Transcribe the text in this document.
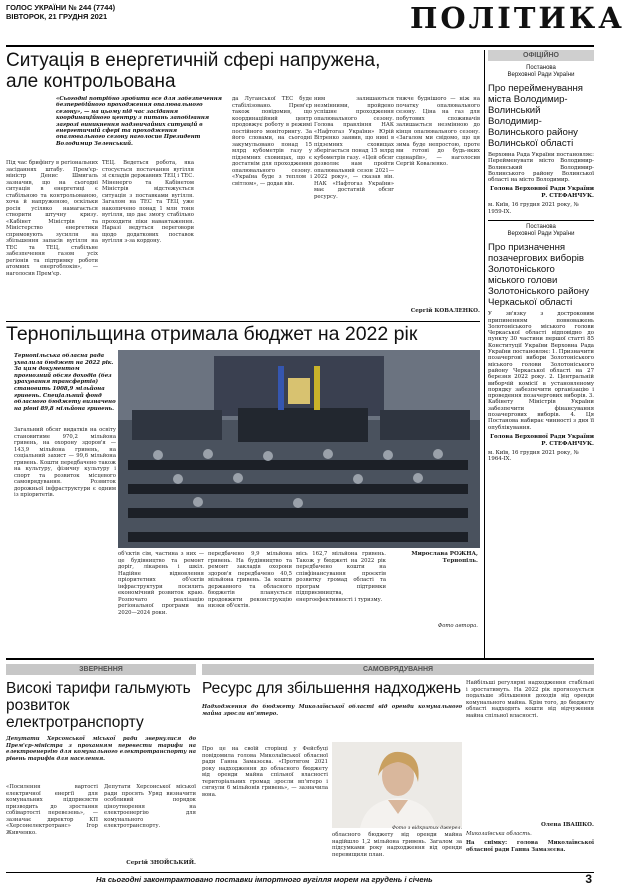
ГОЛОС УКРАЇНИ № 244 (7744)
ВІВТОРОК, 21 ГРУДНЯ 2021	ПОЛІТИКА
Ситуація в енергетичній сфері напружена,
але контрольована
«Сьогодні потрібно зробити все для забезпечення безперебійного проходження опалювального сезону», — на цьому під час засідання координаційного центру з питань запобігання загрозі виникнення надзвичайних ситуацій в енергетичній сфері та проходження опалювального сезону наголосив Президент Володимир Зеленський.
Під час брифінгу в регіональних засіданнях штабу. Прем'єр-міністр Денис Шмигаль зазначив, що на сьогодні ситуація в енергетиці є стабільною та контрольованою, хоча й напруженою, оскільки росія усіляко намагається створити штучну кризу. «Кабінет Міністрів та Міністерство енергетики спрямовують зусилля на збільшення запасів вугілля на ТЕС та ТЕЦ, стабільне забезпечення газом усіх регіонів та підтримку роботи атомних енергоблоків», — наголосив Прем'єр.
ТЕЦ. Ведеться робота, яка стосується постачання вугілля зі складів державних ТЕЦ і ТЕС. Міненерго та Кабінетом Міністрів відстежується ситуація з поставками вугілля. Загалом на ТЕС та ТЕЦ уже накопичено понад 1 млн тонн вугілля, що дає змогу стабільно проходити піки навантаження. Наразі ведуться переговори щодо додаткових поставок вугілля з-за кордону.
да Луганської ТЕС буде стабілізовано. Прем'єр також повідомив, що координаційний центр продовжує роботу в режимі постійного моніторингу. За його словами, на сьогодні закумульовано понад 15 млрд кубометрів газу у підземних сховищах, що є достатнім для проходження опалювального сезону. «Україна буде з теплом і світлом», — додав він.
ним залишаються незмінними, пройдено успішне проходження опалювального сезону. Голова правління НАК «Нафтогаз України» Юрій Вітренко заявив, що нині в підземних сховищах зберігається понад 15 млрд кубометрів газу. «Цей обсяг дозволяє нам пройти опалювальний сезон 2021—2022 року», — сказав він. НАК «Нафтогаз України» має достатній обсяг ресурсу.
тяжче буднішого — ніж на початку опалювального сезону. Ціна на газ для побутових споживачів залишається незмінною до кінця опалювального сезону. «Загалом ми свідомо, що ця зима буде непростою, проте ми готові до будь-яких сценаріїв», — наголосив Сергій Коваленко.
Сергій КОВАЛЕНКО.
Тернопільщина отримала бюджет на 2022 рік
Тернопільська обласна рада ухвалила бюджет на 2022 рік. За цим документом прогнозний обсяг доходів (без урахування трансфертів) становить 1008,9 мільйона гривень. Спеціальний фонд обласного бюджету визначено на рівні 89,8 мільйона гривень.
Загальний обсяг видатків на освіту становитиме 970,2 мільйона гривень, на охорону здоров'я — 143,9 мільйона гривень, на соціальний захист — 99,6 мільйона гривень. Кошти передбачено також на культуру, фізичну культуру і спорт та розвиток місцевого самоврядування. Розвиток дорожньої інфраструктури є одним із пріоритетів.
об'єктів сім, частина з них — це будівництво та ремонт доріг, лікарень і шкіл. Надійне відновлення пріоритетних об'єктів інфраструктури посилить економічний розвиток краю. Розпочато реалізацію регіональної програми на 2020—2024 роки.
передбачено 9,9 мільйона гривень. На будівництво та ремонт закладів охорони здоров'я передбачено 40,5 мільйона гривень. За кошти державного та обласного бюджетів планується продовжити реконструкцію низки об'єктів.
місь 162,7 мільйона гривень. Також у бюджеті на 2022 рік передбачено кошти на співфінансування проєктів розвитку громад області та програм підтримки підприємництва, енергоефективності і туризму.
Мирослава РОЖНА, Тернопіль.
Фото автора.
ОФІЦІЙНО
Постанова
Верховної Ради України
Про перейменування міста Володимир-Волинський Володимир-Волинського району Волинської області
Верховна Рада України постановляє: Перейменувати місто Володимир-Волинський Володимир-Волинського району Волинської області на місто Володимир.
Голова Верховної Ради України
Р. СТЕФАНЧУК.
м. Київ, 16 грудня 2021 року, № 1959-IX.
Постанова
Верховної Ради України
Про призначення позачергових виборів Золотоніського міського голови Золотоніського району Черкаської області
У зв'язку з достроковим припиненням повноважень Золотоніського міського голови Черкаської області відповідно до пункту 30 частини першої статті 85 Конституції України Верховна Рада України постановляє: 1. Призначити позачергові вибори Золотоніського міського голови Золотоніського району Черкаської області на 27 березня 2022 року. 2. Центральній виборчій комісії в установленому порядку забезпечити організацію і проведення позачергових виборів. 3. Кабінету Міністрів України забезпечити фінансування позачергових виборів. 4. Ця Постанова набирає чинності з дня її опублікування.
Голова Верховної Ради України
Р. СТЕФАНЧУК.
м. Київ, 16 грудня 2021 року, № 1964-IX.
ЗВЕРНЕННЯ	САМОВРЯДУВАННЯ
Високі тарифи гальмують розвиток електротранспорту
Депутати Херсонської міської ради звернулися до Прем'єр-міністра з проханням перевести тарифи на електроенергію для комунального електротранспорту на рівень тарифів для населення.
«Посилення вартості електричної енергії для комунальних підприємств призводить до зростання собівартості перевезень», — зазначає директор КП «Херсонелектротранс» Ігор Живченко.
Депутати Херсонської міської ради просять Уряд визначити особливий порядок ціноутворення на електроенергію для комунального електротранспорту.
Сергій ЗНОЙСЬКИЙ.
Ресурс для збільшення надходжень
Надходження до бюджету Миколаївської області від оренди комунального майна зросли вп'ятеро.
Про це на своїй сторінці у Фейсбуці повідомила голова Миколаївської обласної ради Ганна Замазєєва. «Протягом 2021 року надходження до обласного бюджету від оренди майна спільної власності територіальних громад зросли вп'ятеро і сягнули 6 мільйонів гривень», — зазначила вона.
обласного бюджету від оренди майна надійшло 1,2 мільйона гривень. Загалом за підсумками року надходження від оренди перевищили план.
Фото з відкритих джерел.
Найбільші регулярні надходження стабільні і зростатимуть. На 2022 рік прогнозується подальше збільшення доходів від оренди комунального майна. Крім того, до бюджету області надходять кошти від відчуження майна спільної власності.
Олена ІВАШКО.
Миколаївська область.
На снімку: голова Миколаївської обласної ради Ганна Замазєєва.
На сьогодні законтрактовано поставки імпортного вугілля морем на грудень і січень	3
